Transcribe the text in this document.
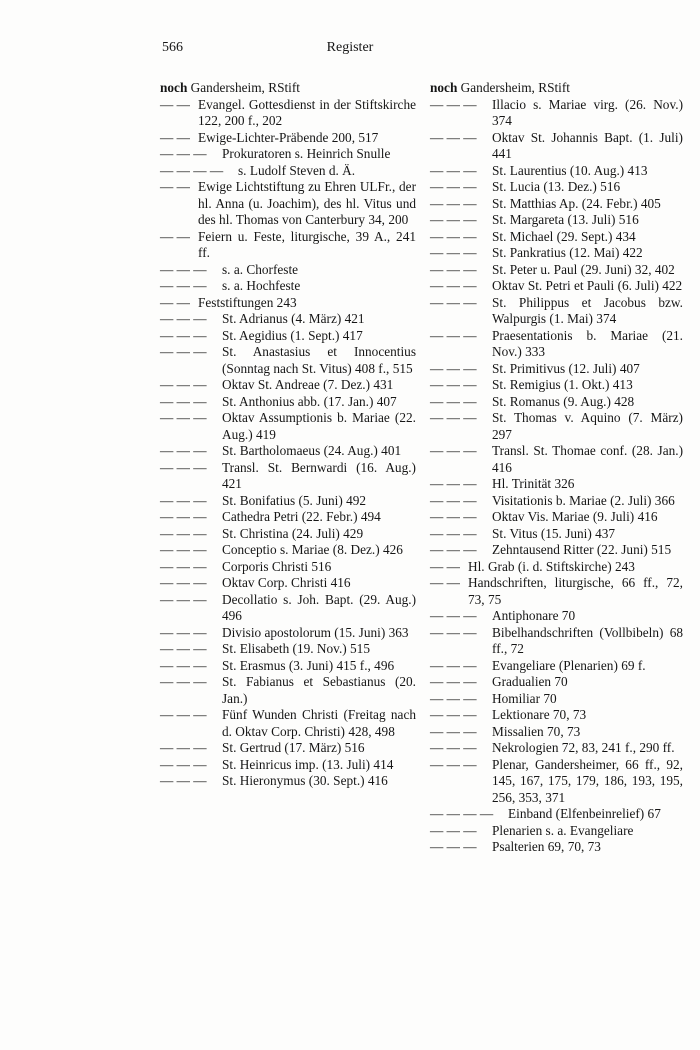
566	Register
noch Gandersheim, RStift
— — Evangel. Gottesdienst in der Stiftskirche 122, 200 f., 202
— — Ewige-Lichter-Präbende 200, 517
— — —	Prokuratoren s. Heinrich Snulle
— — — —	s. Ludolf Steven d. Ä.
— — Ewige Lichtstiftung zu Ehren ULFr., der hl. Anna (u. Joachim), des hl. Vitus und des hl. Thomas von Canterbury 34, 200
— — Feiern u. Feste, liturgische, 39 A., 241 ff.
— — —	s. a. Chorfeste
— — —	s. a. Hochfeste
— — Feststiftungen 243
— — —	St. Adrianus (4. März) 421
— — —	St. Aegidius (1. Sept.) 417
— — —	St. Anastasius et Innocentius (Sonntag nach St. Vitus) 408 f., 515
— — —	Oktav St. Andreae (7. Dez.) 431
— — —	St. Anthonius abb. (17. Jan.) 407
— — —	Oktav Assumptionis b. Mariae (22. Aug.) 419
— — —	St. Bartholomaeus (24. Aug.) 401
— — —	Transl. St. Bernwardi (16. Aug.) 421
— — —	St. Bonifatius (5. Juni) 492
— — —	Cathedra Petri (22. Febr.) 494
— — —	St. Christina (24. Juli) 429
— — —	Conceptio s. Mariae (8. Dez.) 426
— — —	Corporis Christi 516
— — —	Oktav Corp. Christi 416
— — —	Decollatio s. Joh. Bapt. (29. Aug.) 496
— — —	Divisio apostolorum (15. Juni) 363
— — —	St. Elisabeth (19. Nov.) 515
— — —	St. Erasmus (3. Juni) 415 f., 496
— — —	St. Fabianus et Sebastianus (20. Jan.)
— — —	Fünf Wunden Christi (Freitag nach d. Oktav Corp. Christi) 428, 498
— — —	St. Gertrud (17. März) 516
— — —	St. Heinricus imp. (13. Juli) 414
— — —	St. Hieronymus (30. Sept.) 416
noch Gandersheim, RStift
— — —	Illacio s. Mariae virg. (26. Nov.) 374
— — —	Oktav St. Johannis Bapt. (1. Juli) 441
— — —	St. Laurentius (10. Aug.) 413
— — —	St. Lucia (13. Dez.) 516
— — —	St. Matthias Ap. (24. Febr.) 405
— — —	St. Margareta (13. Juli) 516
— — —	St. Michael (29. Sept.) 434
— — —	St. Pankratius (12. Mai) 422
— — —	St. Peter u. Paul (29. Juni) 32, 402
— — —	Oktav St. Petri et Pauli (6. Juli) 422
— — —	St. Philippus et Jacobus bzw. Walpurgis (1. Mai) 374
— — —	Praesentationis b. Mariae (21. Nov.) 333
— — —	St. Primitivus (12. Juli) 407
— — —	St. Remigius (1. Okt.) 413
— — —	St. Romanus (9. Aug.) 428
— — —	St. Thomas v. Aquino (7. März) 297
— — —	Transl. St. Thomae conf. (28. Jan.) 416
— — —	Hl. Trinität 326
— — —	Visitationis b. Mariae (2. Juli) 366
— — —	Oktav Vis. Mariae (9. Juli) 416
— — —	St. Vitus (15. Juni) 437
— — —	Zehntausend Ritter (22. Juni) 515
— — Hl. Grab (i. d. Stiftskirche) 243
— — Handschriften, liturgische, 66 ff., 72, 73, 75
— — —	Antiphonare 70
— — —	Bibelhandschriften (Vollbibeln) 68 ff., 72
— — —	Evangeliare (Plenarien) 69 f.
— — —	Gradualien 70
— — —	Homiliar 70
— — —	Lektionare 70, 73
— — —	Missalien 70, 73
— — —	Nekrologien 72, 83, 241 f., 290 ff.
— — —	Plenar, Gandersheimer, 66 ff., 92, 145, 167, 175, 179, 186, 193, 195, 256, 353, 371
— — — —	Einband (Elfenbeinrelief) 67
— — —	Plenarien s. a. Evangeliare
— — —	Psalterien 69, 70, 73
